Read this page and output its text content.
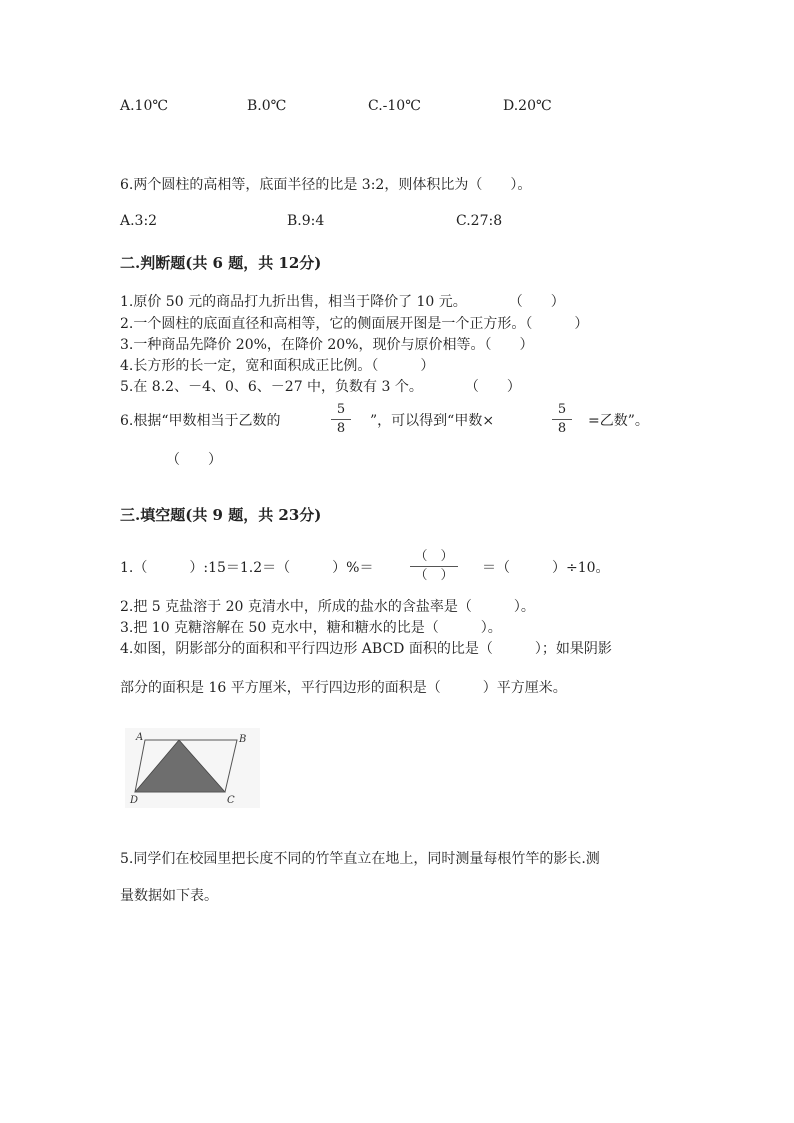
A.10℃	B.0℃	C.-10℃	D.20℃
6.两个圆柱的高相等，底面半径的比是 3:2，则体积比为（　　）。
A.3:2	B.9:4	C.27:8
二.判断题(共 6 题，共 12分)
1.原价 50 元的商品打九折出售，相当于降价了 10 元。　　　　（　　）
2.一个圆柱的底面直径和高相等，它的侧面展开图是一个正方形。（　　　）
3.一种商品先降价 20%，在降价 20%，现价与原价相等。（　　）
4.长方形的长一定，宽和面积成正比例。（　　　）
5.在 8.2、－4、0、6、－27 中，负数有 3 个。　　　　（　　）
6.根据“甲数相当于乙数的
5
8	”，可以得到“甲数×
5
8	=乙数”。
（　　）
三.填空题(共 9 题，共 23分)
1.（　　　）:15＝1.2＝（　　　）%＝
（　）
（　）	＝（　　　）÷10。
2.把 5 克盐溶于 20 克清水中，所成的盐水的含盐率是（　　　）。
3.把 10 克糖溶解在 50 克水中，糖和糖水的比是（　　　）。
4.如图，阴影部分的面积和平行四边形 ABCD 面积的比是（　　　）；如果阴影
部分的面积是 16 平方厘米，平行四边形的面积是（　　　）平方厘米。
A	B
D	C
5.同学们在校园里把长度不同的竹竿直立在地上，同时测量每根竹竿的影长.测
量数据如下表。
